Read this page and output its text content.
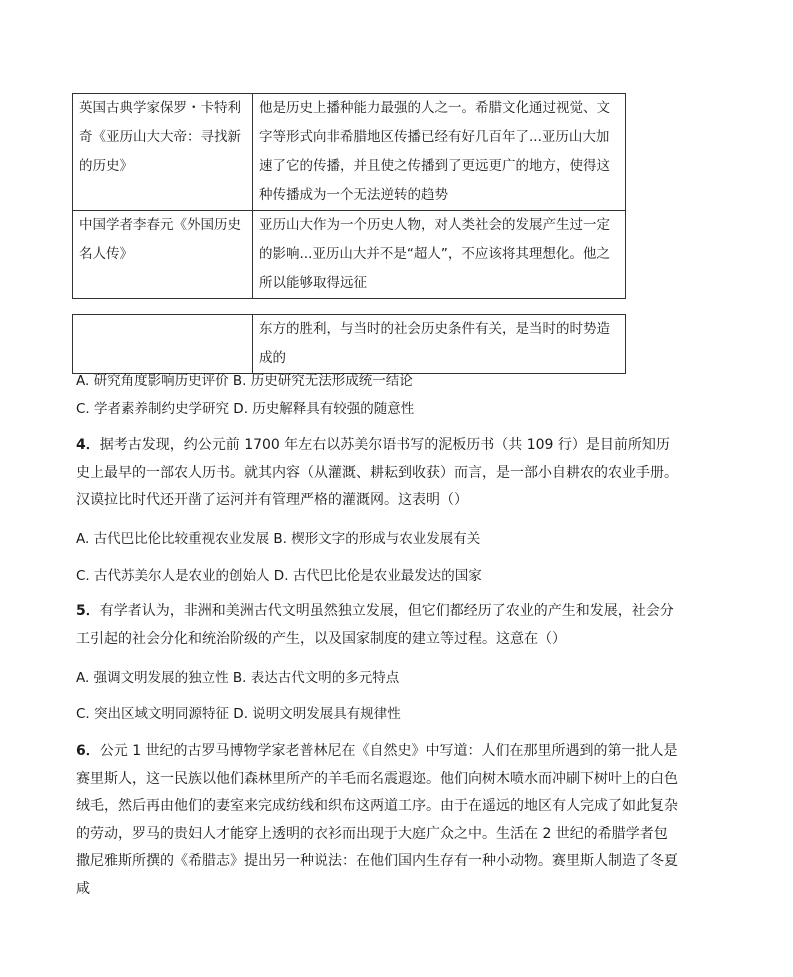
英国古典学家保罗・卡特利奇《亚历山大大帝：寻找新的历史》	他是历史上播种能力最强的人之一。希腊文化通过视觉、文字等形式向非希腊地区传播已经有好几百年了...亚历山大加速了它的传播，并且使之传播到了更远更广的地方，使得这种传播成为一个无法逆转的趋势
中国学者李春元《外国历史名人传》	亚历山大作为一个历史人物，对人类社会的发展产生过一定的影响...亚历山大并不是“超人”，不应该将其理想化。他之所以能够取得远征
	东方的胜利，与当时的社会历史条件有关，是当时的时势造成的
A. 研究角度影响历史评价 B. 历史研究无法形成统一结论
C. 学者素养制约史学研究 D. 历史解释具有较强的随意性
4．据考古发现，约公元前 1700 年左右以苏美尔语书写的泥板历书（共 109 行）是目前所知历史上最早的一部农人历书。就其内容（从灌溉、耕耘到收获）而言，是一部小自耕农的农业手册。汉谟拉比时代还开凿了运河并有管理严格的灌溉网。这表明（）
A. 古代巴比伦比较重视农业发展 B. 楔形文字的形成与农业发展有关
C. 古代苏美尔人是农业的创始人 D. 古代巴比伦是农业最发达的国家
5．有学者认为，非洲和美洲古代文明虽然独立发展，但它们都经历了农业的产生和发展，社会分工引起的社会分化和统治阶级的产生，以及国家制度的建立等过程。这意在（）
A. 强调文明发展的独立性 B. 表达古代文明的多元特点
C. 突出区域文明同源特征 D. 说明文明发展具有规律性
6．公元 1 世纪的古罗马博物学家老普林尼在《自然史》中写道：人们在那里所遇到的第一批人是赛里斯人，这一民族以他们森林里所产的羊毛而名震遐迩。他们向树木喷水而冲刷下树叶上的白色绒毛，然后再由他们的妻室来完成纺线和织布这两道工序。由于在遥远的地区有人完成了如此复杂的劳动，罗马的贵妇人才能穿上透明的衣衫而出现于大庭广众之中。生活在 2 世纪的希腊学者包撒尼雅斯所撰的《希腊志》提出另一种说法：在他们国内生存有一种小动物。赛里斯人制造了冬夏咸
